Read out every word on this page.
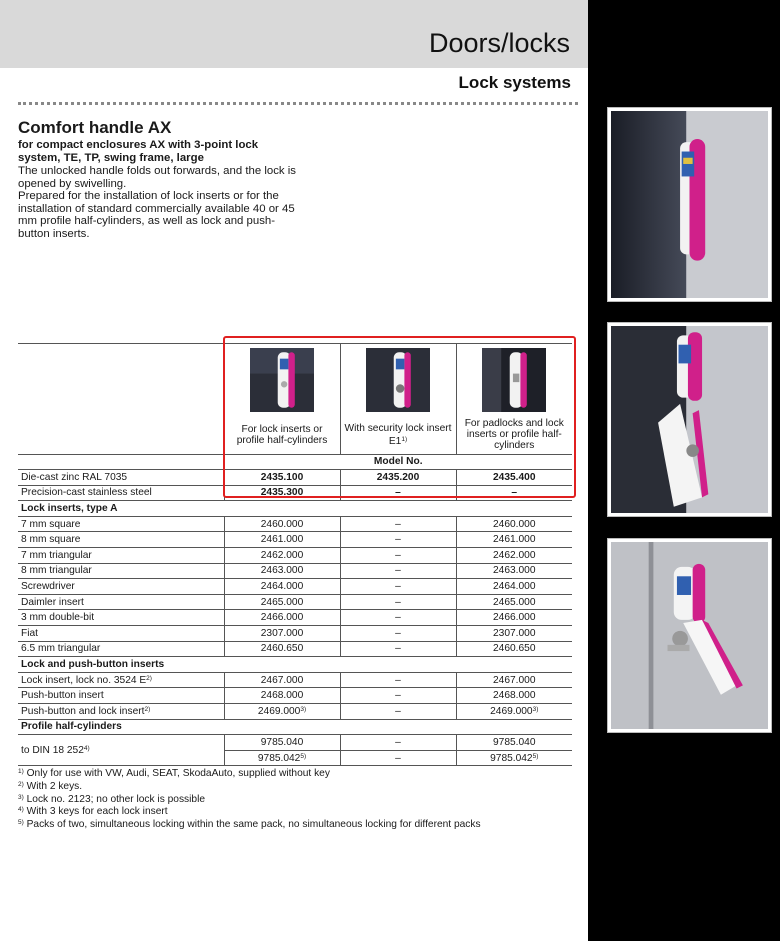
Doors/locks
Lock systems
Comfort handle AX

for compact enclosures AX with 3-point lock system, TE, TP, swing frame, large

The unlocked handle folds out forwards, and the lock is opened by swivelling.

Prepared for the installation of lock inserts or for the installation of standard commercially available 40 or 45 mm profile half-cylinders, as well as lock and push-button inserts.

	For lock inserts or profile half-cylinders	With security lock insert E1$^{1)}$	For padlocks and lock inserts or profile half-cylinders
	Model No.		
Die-cast zinc RAL 7035	2435.100	2435.200	2435.400
Precision-cast stainless steel	2435.300	–	–
Lock inserts, type A			
7 mm square	2460.000	–	2460.000
8 mm square	2461.000	–	2461.000
7 mm triangular	2462.000	–	2462.000
8 mm triangular	2463.000	–	2463.000
Screwdriver	2464.000	–	2464.000
Daimler insert	2465.000	–	2465.000
3 mm double-bit	2466.000	–	2466.000
Fiat	2307.000	–	2307.000
6.5 mm triangular	2460.650	–	2460.650
Lock and push-button inserts			
Lock insert, lock no. 3524 $E^{2)}$	2467.000	–	2467.000
Push-button insert	2468.000	–	2468.000
Push-button and lock insert$^{2)}$	2469.000$^{3)}$	–	2469.000$^{3)}$
Profile half-cylinders			
to DIN 18 252$^{4)}$	9785.040	–	9785.040
	9785.042$^{5)}$	–	9785.042$^{5)}$
$^{1)}$ Only for use with VW, Audi, SEAT, SkodaAuto, supplied without key
$^{2)}$ With 2 keys.
$^{3)}$ Lock no. 2123; no other lock is possible
$^{4)}$ With 3 keys for each lock insert
$^{5)}$ Packs of two, simultaneous locking within the same pack, no simultaneous locking for different packs
